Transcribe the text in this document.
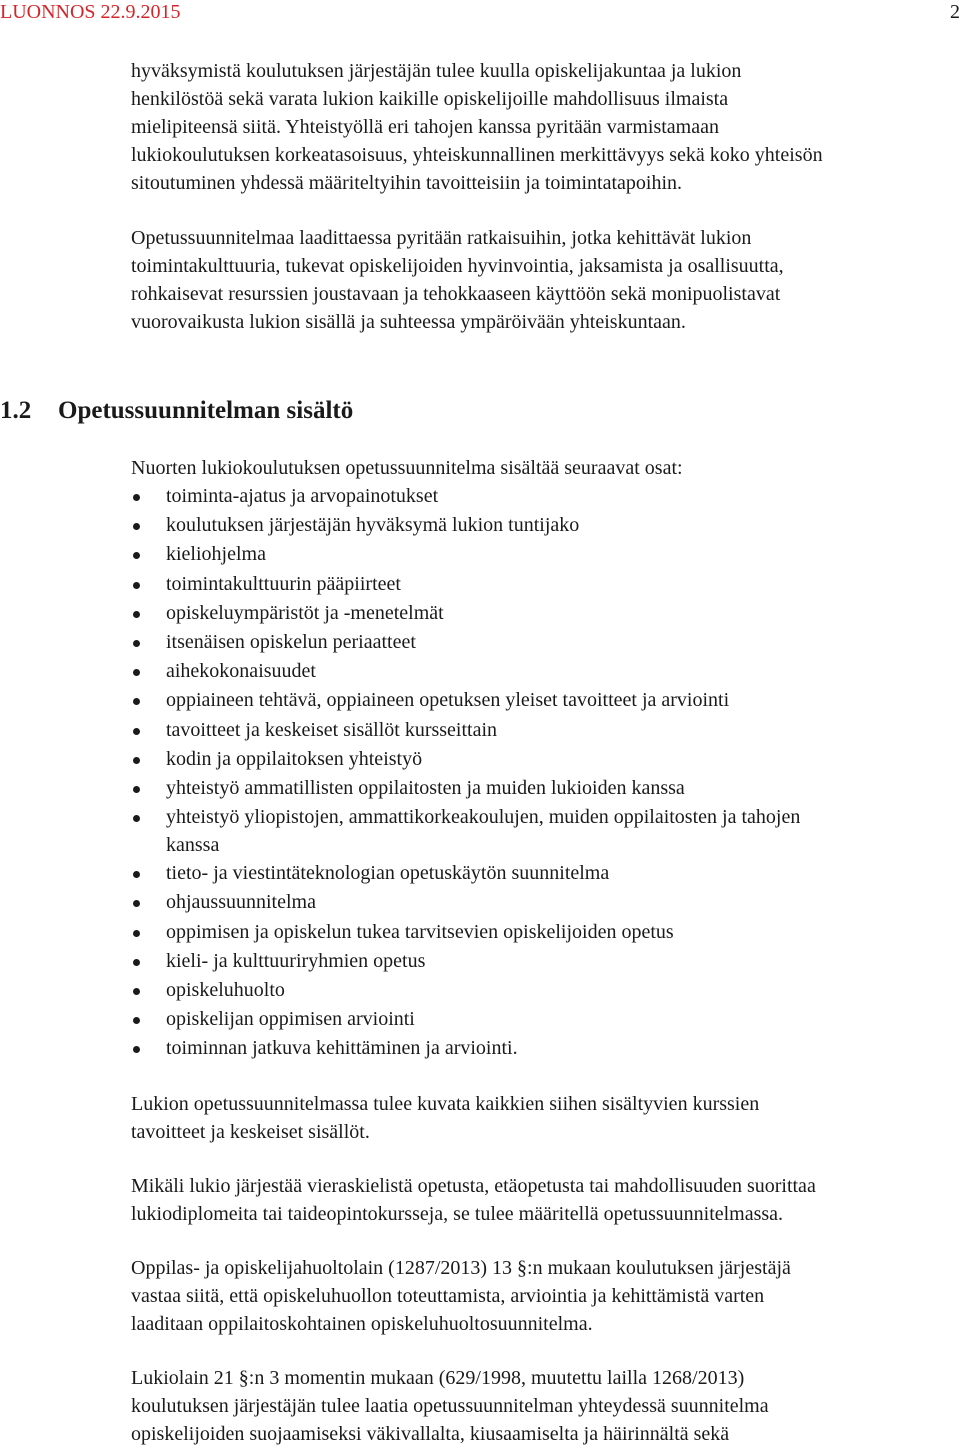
LUONNOS 22.9.2015	2

hyväksymistä koulutuksen järjestäjän tulee kuulla opiskelijakuntaa ja lukion
henkilöstöä sekä varata lukion kaikille opiskelijoille mahdollisuus ilmaista
mielipiteensä siitä. Yhteistyöllä eri tahojen kanssa pyritään varmistamaan
lukiokoulutuksen korkeatasoisuus, yhteiskunnallinen merkittävyys sekä koko yhteisön
sitoutuminen yhdessä määriteltyihin tavoitteisiin ja toimintatapoihin.

Opetussuunnitelmaa laadittaessa pyritään ratkaisuihin, jotka kehittävät lukion
toimintakulttuuria, tukevat opiskelijoiden hyvinvointia, jaksamista ja osallisuutta,
rohkaisevat resurssien joustavaan ja tehokkaaseen käyttöön sekä monipuolistavat
vuorovaikusta lukion sisällä ja suhteessa ympäröivään yhteiskuntaan.

1.2 Opetussuunnitelman sisältö

Nuorten lukiokoulutuksen opetussuunnitelma sisältää seuraavat osat:

toiminta-ajatus ja arvopainotukset
koulutuksen järjestäjän hyväksymä lukion tuntijako
kieliohjelma
toimintakulttuurin pääpiirteet
opiskeluympäristöt ja -menetelmät
itsenäisen opiskelun periaatteet
aihekokonaisuudet
oppiaineen tehtävä, oppiaineen opetuksen yleiset tavoitteet ja arviointi
tavoitteet ja keskeiset sisällöt kursseittain
kodin ja oppilaitoksen yhteistyö
yhteistyö ammatillisten oppilaitosten ja muiden lukioiden kanssa
yhteistyö yliopistojen, ammattikorkeakoulujen, muiden oppilaitosten ja tahojen
kanssa
tieto- ja viestintäteknologian opetuskäytön suunnitelma
ohjaussuunnitelma
oppimisen ja opiskelun tukea tarvitsevien opiskelijoiden opetus
kieli- ja kulttuuriryhmien opetus
opiskeluhuolto
opiskelijan oppimisen arviointi
toiminnan jatkuva kehittäminen ja arviointi.

Lukion opetussuunnitelmassa tulee kuvata kaikkien siihen sisältyvien kurssien
tavoitteet ja keskeiset sisällöt.

Mikäli lukio järjestää vieraskielistä opetusta, etäopetusta tai mahdollisuuden suorittaa
lukiodiplomeita tai taideopintokursseja, se tulee määritellä opetussuunnitelmassa.

Oppilas- ja opiskelijahuoltolain (1287/2013) 13 §:n mukaan koulutuksen järjestäjä
vastaa siitä, että opiskeluhuollon toteuttamista, arviointia ja kehittämistä varten
laaditaan oppilaitoskohtainen opiskeluhuoltosuunnitelma.

Lukiolain 21 §:n 3 momentin mukaan (629/1998, muutettu lailla 1268/2013)
koulutuksen järjestäjän tulee laatia opetussuunnitelman yhteydessä suunnitelma
opiskelijoiden suojaamiseksi väkivallalta, kiusaamiselta ja häirinnältä sekä
